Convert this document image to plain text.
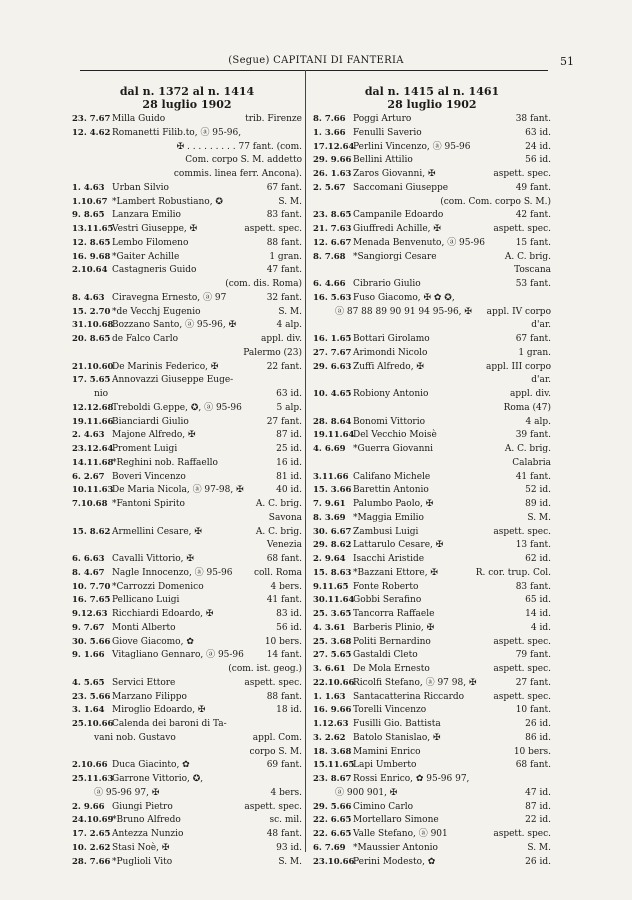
(Segue) CAPITANI DI FANTERIA	51
dal n. 1372 al n. 1414
28 luglio 1902
23. 7.67 Milla Guido	trib. Firenze
12. 4.62 Romanetti Filib.to, ⓐ 95-96,
✠ . . . . . . . . . 77 fant. (com.
Com. corpo S. M. addetto
commis. linea ferr. Ancona).
1. 4.63 Urban Silvio	67 fant.
1.10.67 *Lambert Robustiano, ✪	S. M.
9. 8.65 Lanzara Emilio	83 fant.
13.11.65Vestri Giuseppe, ✠	aspett. spec.
12. 8.65 Lembo Filomeno	88 fant.
16. 9.68 *Gaiter Achille	1 gran.
2.10.64 Castagneris Guido	47 fant.
(com. dis. Roma)
8. 4.63 Ciravegna Ernesto, ⓐ 97	32 fant.
15. 2.70 *de Vecchj Eugenio	S. M.
31.10.68Bozzano Santo, ⓐ 95-96, ✠	4 alp.
20. 8.65 de Falco Carlo	appl. div.
Palermo (23)
21.10.60De Marinis Federico, ✠	22 fant.
17. 5.65 Annovazzi Giuseppe Euge-
nio	63 id.
12.12.68Treboldi G.eppe, ✪, ⓐ 95-96	5 alp.
19.11.66Bianciardi Giulio	27 fant.
2. 4.63 Majone Alfredo, ✠	87 id.
23.12.64Proment Luigi	25 id.
14.11.68*Reghini nob. Raffaello	16 id.
6. 2.67 Boveri Vincenzo	81 id.
10.11.63De Maria Nicola, ⓐ 97-98, ✠	40 id.
7.10.68 *Fantoni Spirito	A. C. brig.
Savona
15. 8.62 Armellini Cesare, ✠	A. C. brig.
Venezia
6. 6.63 Cavalli Vittorio, ✠	68 fant.
8. 4.67 Nagle Innocenzo, ⓐ 95-96 coll. Roma
10. 7.70 *Carrozzi Domenico	4 bers.
16. 7.65 Pellicano Luigi	41 fant.
9.12.63 Ricchiardi Edoardo, ✠	83 id.
9. 7.67 Monti Alberto	56 id.
30. 5.66 Giove Giacomo, ✿	10 bers.
9. 1.66 Vitagliano Gennaro, ⓐ 95-96	14 fant.
(com. ist. geog.)
4. 5.65 Servici Ettore	aspett. spec.
23. 5.66 Marzano Filippo	88 fant.
3. 1.64 Miroglio Edoardo, ✠	18 id.
25.10.66Calenda dei baroni di Ta-
vani nob. Gustavo	appl. Com.
corpo S. M.
2.10.66 Duca Giacinto, ✿	69 fant.
25.11.63Garrone Vittorio, ✪,
ⓐ 95-96 97, ✠	4 bers.
2. 9.66 Giungi Pietro	aspett. spec.
24.10.69*Bruno Alfredo	sc. mil.
17. 2.65 Antezza Nunzio	48 fant.
10. 2.62 Stasi Noè, ✠	93 id.
28. 7.66 *Puglioli Vito	S. M.
dal n. 1415 al n. 1461
28 luglio 1902
8. 7.66 Poggi Arturo	38 fant.
1. 3.66 Fenulli Saverio	63 id.
17.12.64Perlini Vincenzo, ⓐ 95-96	24 id.
29. 9.66 Bellini Attilio	56 id.
26. 1.63 Zaros Giovanni, ✠	aspett. spec.
2. 5.67 Saccomani Giuseppe	49 fant.
(com. Com. corpo S. M.)
23. 8.65 Campanile Edoardo	42 fant.
21. 7.63 Giuffredi Achille, ✠	aspett. spec.
12. 6.67 Menada Benvenuto, ⓐ 95-96	15 fant.
8. 7.68 *Sangiorgi Cesare	A. C. brig.
Toscana
6. 4.66 Cibrario Giulio	53 fant.
16. 5.63 Fuso Giacomo, ✠ ✿ ✪,
ⓐ 87 88 89 90 91 94 95-96, ✠ appl. IV corpo
d'ar.
16. 1.65 Bottari Girolamo	67 fant.
27. 7.67 Arimondi Nicolo	1 gran.
29. 6.63 Zuffi Alfredo, ✠	appl. III corpo
d'ar.
10. 4.65 Robiony Antonio	appl. div.
Roma (47)
28. 8.64 Bonomi Vittorio	4 alp.
19.11.64Del Vecchio Moisè	39 fant.
4. 6.69 *Guerra Giovanni	A. C. brig.
Calabria
3.11.66 Califano Michele	41 fant.
15. 3.66 Barettin Antonio	52 id.
7. 9.61 Palumbo Paolo, ✠	89 id.
8. 3.69 *Maggia Emilio	S. M.
30. 6.67 Zambusi Luigi	aspett. spec.
29. 8.62 Lattarulo Cesare, ✠	13 fant.
2. 9.64 Isacchi Aristide	62 id.
15. 8.63 *Bazzani Ettore, ✠	R. cor. trup. Col.
9.11.65 Fonte Roberto	83 fant.
30.11.64Gobbi Serafino	65 id.
25. 3.65 Tancorra Raffaele	14 id.
4. 3.61 Barberis Plinio, ✠	4 id.
25. 3.68 Politi Bernardino	aspett. spec.
27. 5.65 Gastaldi Cleto	79 fant.
3. 6.61 De Mola Ernesto	aspett. spec.
22.10.66Ricolfi Stefano, ⓐ 97 98, ✠	27 fant.
1. 1.63 Santacatterina Riccardo	aspett. spec.
16. 9.66 Torelli Vincenzo	10 fant.
1.12.63 Fusilli Gio. Battista	26 id.
3. 2.62 Batolo Stanislao, ✠	86 id.
18. 3.68 Mamini Enrico	10 bers.
15.11.65Lapi Umberto	68 fant.
23. 8.67 Rossi Enrico, ✿ 95-96 97,
ⓐ 900 901, ✠	47 id.
29. 5.66 Cimino Carlo	87 id.
22. 6.65 Mortellaro Simone	22 id.
22. 6.65 Valle Stefano, ⓐ 901	aspett. spec.
6. 7.69 *Maussier Antonio	S. M.
23.10.66Perini Modesto, ✿	26 id.
